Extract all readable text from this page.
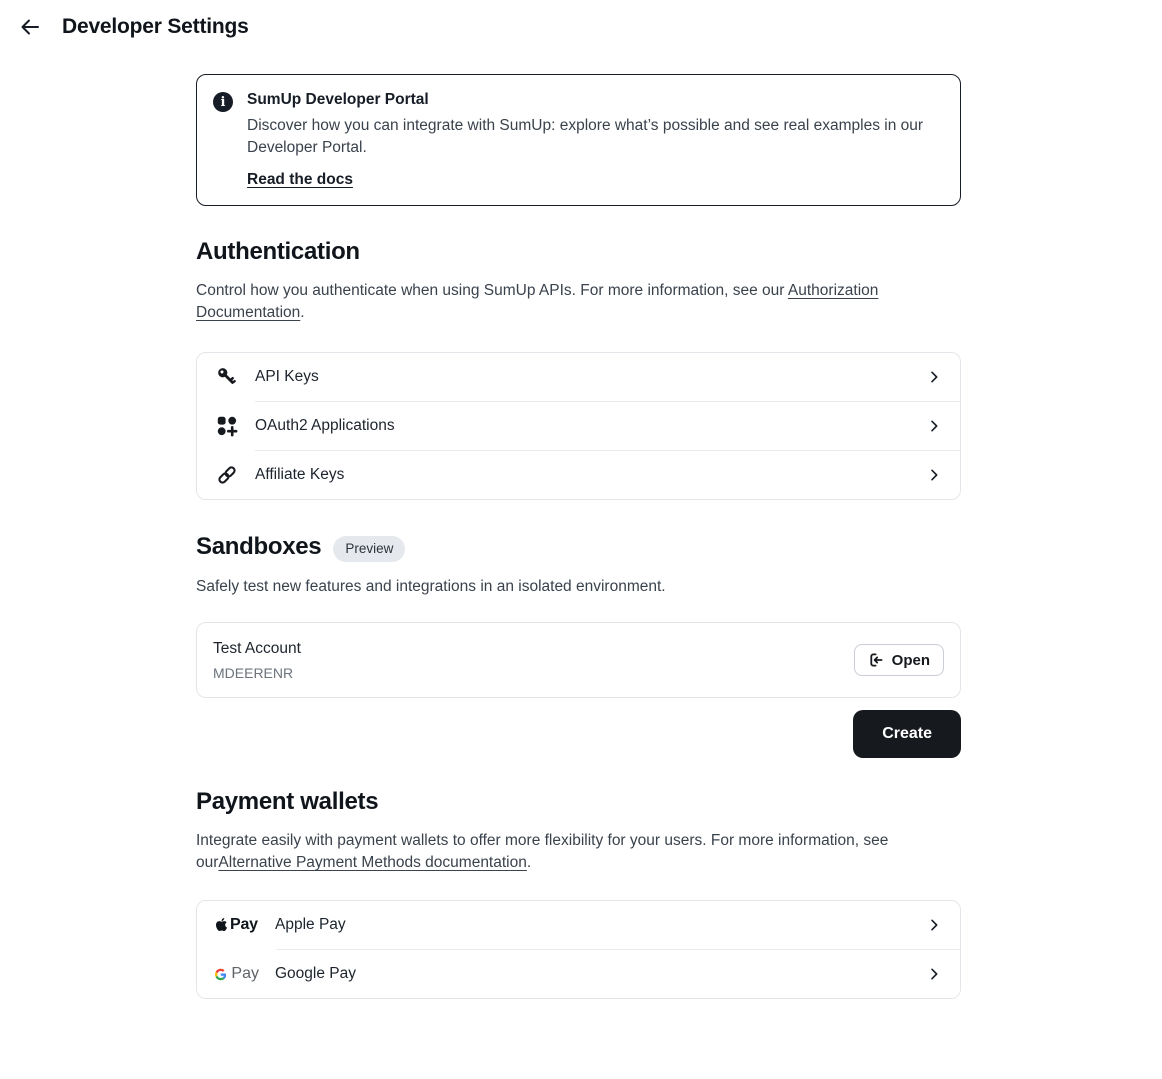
Developer Settings
i
SumUp Developer Portal
Discover how you can integrate with SumUp: explore what’s possible and see real examples in our Developer Portal.
Read the docs
Authentication

Control how you authenticate when using SumUp APIs. For more information, see our Authorization Documentation.

API Keys
OAuth2 Applications
Affiliate Keys
Sandboxes	Preview

Safely test new features and integrations in an isolated environment.

Test Account
MDEERENR
Open
Create
Payment wallets

Integrate easily with payment wallets to offer more flexibility for your users. For more information, see ourAlternative Payment Methods documentation.

Pay Apple Pay
Pay Google Pay
